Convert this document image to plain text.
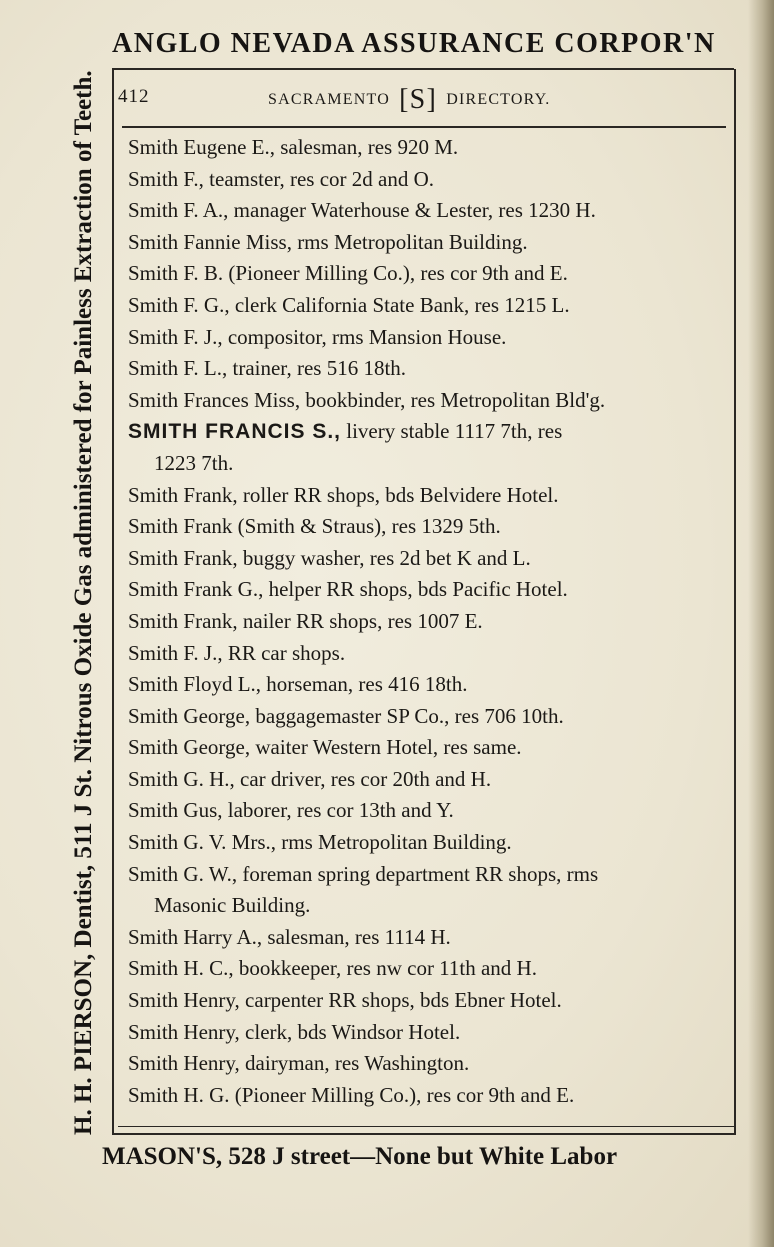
ANGLO NEVADA ASSURANCE CORPOR'N
H. H. PIERSON, Dentist, 511 J St. Nitrous Oxide Gas administered for Painless Extraction of Teeth. 412	SACRAMENTO [S] DIRECTORY.
Smith Eugene E., salesman, res 920 M.
Smith F., teamster, res cor 2d and O.
Smith F. A., manager Waterhouse & Lester, res 1230 H.
Smith Fannie Miss, rms Metropolitan Building.
Smith F. B. (Pioneer Milling Co.), res cor 9th and E.
Smith F. G., clerk California State Bank, res 1215 L.
Smith F. J., compositor, rms Mansion House.
Smith F. L., trainer, res 516 18th.
Smith Frances Miss, bookbinder, res Metropolitan Bld'g.
SMITH FRANCIS S., livery stable 1117 7th, res
1223 7th.
Smith Frank, roller RR shops, bds Belvidere Hotel.
Smith Frank (Smith & Straus), res 1329 5th.
Smith Frank, buggy washer, res 2d bet K and L.
Smith Frank G., helper RR shops, bds Pacific Hotel.
Smith Frank, nailer RR shops, res 1007 E.
Smith F. J., RR car shops.
Smith Floyd L., horseman, res 416 18th.
Smith George, baggagemaster SP Co., res 706 10th.
Smith George, waiter Western Hotel, res same.
Smith G. H., car driver, res cor 20th and H.
Smith Gus, laborer, res cor 13th and Y.
Smith G. V. Mrs., rms Metropolitan Building.
Smith G. W., foreman spring department RR shops, rms
Masonic Building.
Smith Harry A., salesman, res 1114 H.
Smith H. C., bookkeeper, res nw cor 11th and H.
Smith Henry, carpenter RR shops, bds Ebner Hotel.
Smith Henry, clerk, bds Windsor Hotel.
Smith Henry, dairyman, res Washington.
Smith H. G. (Pioneer Milling Co.), res cor 9th and E.
MASON'S, 528 J street—None but White Labor
